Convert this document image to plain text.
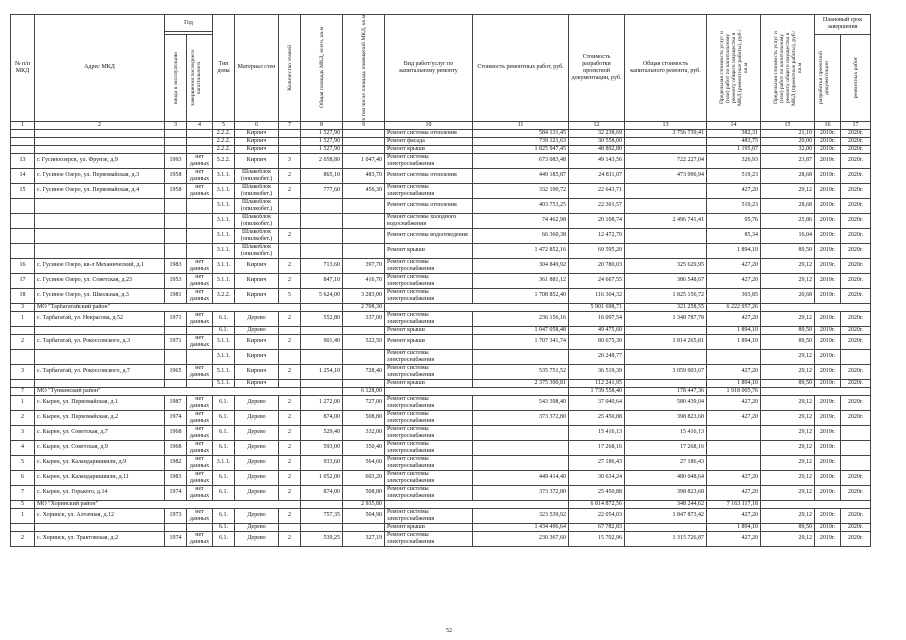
№ п/п МКД	Адрес МКД	Год		Тип дома	Материал стен	Количество этажей	Общая площадь МКД, всего, кв.м	в том числе площадь помещений МКД, кв.м	Вид работ/услуг по капитальному ремонту	Стоимость ремонтных работ, руб.	Стоимость разработки проектной документации, руб.	Общая стоимость капитального ремонта, руб.	Предельная стоимость услуг и (или) работ по капитальному ремонту общего имущества в МКД (ремонтные работы), руб./кв.м	Предельная стоимость услуг и (или) работ по капитальному ремонту общего имущества в МКД (проектные работы), руб./кв.м	Плановый срок завершения	

		ввода в эксплуатацию	завершения последнего капитального												разработки проектной документации	ремонтных работ

1	2	3	4	5	6	7	8	9	10	11	12	13	14	15	16	17
				2.2.2.	Кирпич		1 527,90		Ремонт системы отопления	584 131,45	32 238,69	3 756 739,41	382,31	21,10	2019г.	2020г.
				2.2.2.	Кирпич		1 527,90		Ремонт фасада	739 121,63	30 558,00		483,75	20,00	2019г.	2020г.
				2.2.2.	Кирпич		1 527,90		Ремонт крыши	1 825 947,45	48 892,80		1 195,07	32,00	2019г.	2020г.
13	г. Гусиноозерск, ул. Фрунзе, д.9	1993	нет данных	5.2.2.	Кирпич	3	2 058,80	1 047,40	Ремонт системы электроснабжения	673 083,48	49 143,56	722 227,04	326,93	23,87	2019г.	2020г.
14	с. Гусиное Озеро, ул. Первомайская, д.3	1958	нет данных	3.1.1.	Шлакоблок (опилкобет.)	2	865,10	483,70	Ремонт системы отопления	449 185,87	24 811,07	473 996,94	519,23	28,68	2019г.	2020г.
15	с. Гусиное Озеро, ул. Первомайская, д.4	1958	нет данных	3.1.1.	Шлакоблок (опилкобет.)	2	777,60	456,30	Ремонт системы электроснабжения	332 190,72	22 643,71		427,20	29,12	2019г.	2020г.
				3.1.1.	Шлакоблок (опилкобет.)				Ремонт системы отопления	403 753,25	22 301,57		519,23	28,68	2019г.	2020г.
				3.1.1.	Шлакоблок (опилкобет.)				Ремонт системы холодного водоснабжения	74 462,98	20 108,74	2 496 741,41	95,76	25,86	2019г.	2020г.
				3.1.1.	Шлакоблок (опилкобет.)	2			Ремонт системы водоотведения	66 360,38	12 472,70		85,34	16,04	2019г.	2020г.
				3.1.1.	Шлакоблок (опилкобет.)				Ремонт крыши	1 472 852,16	69 595,20		1 894,10	89,50	2019г.	2020г.
16	с. Гусиное Озеро, кв-л Механический, д.1	1983	нет данных	3.1.1.	Кирпич	2	713,60	397,70	Ремонт системы электроснабжения	304 849,92	20 780,03	325 629,95	427,20	29,12	2019г.	2020г.
17	с. Гусиное Озеро, ул. Советская, д.23	1953	нет данных	3.1.1.	Кирпич	2	847,10	416,70	Ремонт системы электроснабжения	361 881,12	24 667,55	386 548,67	427,20	29,12	2019г.	2020г.
18	с. Гусиное Озеро, ул. Школьная, д.3	1981	нет данных	3.2.2.	Кирпич	5	5 624,00	3 283,00	Ремонт системы электроснабжения	1 708 852,40	116 304,32	1 825 156,72	303,85	20,68	2019г.	2020г.
3	МО "Тарбагатайский район"							2 708,30			5 901 698,71	321 258,55	6 222 957,26			
1	с. Тарбагатай, ул. Некрасова, д.52	1971	нет данных	6.1.	Дерево	2	552,80	337,00	Ремонт системы электроснабжения	236 156,16	16 097,54	1 348 787,78	427,20	29,12	2019г.	2020г.
				6.1.	Дерево				Ремонт крыши	1 047 058,48	49 475,60		1 894,10	89,50	2019г.	2020г.
2	с. Тарбагатай, ул. Рокоссовского, д.3	1971	нет данных	3.1.1.	Кирпич	2	901,40	522,50	Ремонт крыши	1 707 341,74	80 675,30	1 814 265,81	1 894,10	89,50	2019г.	2020г.
				3.1.1.	Кирпич				Ремонт системы электроснабжения		26 248,77			29,12	2019г.	
3	с. Тарбагатай, ул. Рокоссовского, д.7	1965	нет данных	5.1.1.	Кирпич	2	1 254,10	728,40	Ремонт системы электроснабжения	535 751,52	36 519,39	3 059 903,67	427,20	29,12	2019г.	2020г.
				5.1.1.	Кирпич				Ремонт крыши	2 375 390,81	112 241,95		1 894,10	89,50	2019г.	2020г.
7	МО "Тункинский район"							6 128,00			1 739 558,40	178 447,36	1 918 005,76			
1	с. Кырен, ул. Первомайская, д.1	1987	нет данных	6.1.	Дерево	2	1 272,00	727,00	Ремонт системы электроснабжения	543 398,40	37 040,64	580 439,04	427,20	29,12	2019г.	2020г.
2	с. Кырен, ул. Первомайская, д.2	1974	нет данных	6.1.	Дерево	2	874,00	508,80	Ремонт системы электроснабжения	373 372,80	25 450,88	398 823,68	427,20	29,12	2019г.	2020г.
3	с. Кырен, ул. Советская, д.7	1968	нет данных	6.1.	Дерево	2	529,40	332,00	Ремонт системы электроснабжения		15 416,13	15 416,13		29,12	2019г.	
4	с. Кырен, ул. Советская, д.9	1968	нет данных	6.1.	Дерево	2	593,00	350,40	Ремонт системы электроснабжения		17 268,16	17 268,16		29,12	2019г.	
5	с. Кырен, ул. Каландаришвили, д.9	1982	нет данных	3.1.1.	Дерево	2	933,60	564,60	Ремонт системы электроснабжения		27 186,43	27 186,43		29,12	2019г.	
6	с. Кырен, ул. Каландаришвили, д.11	1983	нет данных	6.1.	Дерево	2	1 052,00	603,20	Ремонт системы электроснабжения	449 414,40	30 634,24	480 048,64	427,20	29,12	2019г.	2020г.
7	с. Кырен, ул. Горького, д.14	1974	нет данных	6.1.	Дерево	2	874,00	508,80	Ремонт системы электроснабжения	373 372,80	25 450,88	398 823,68	427,20	29,12	2019г.	2020г.
5	МО "Хоринский район"							2 935,80			6 814 872,56	348 244,62	7 163 117,18			
1	с. Хоринск, ул. Алтачная, д.12	1973	нет данных	6.1.	Дерево	2	757,35	504,90	Ремонт системы электроснабжения	323 539,92	22 054,03	1 847 873,42	427,20	29,12	2019г.	2020г.
				6.1.	Дерево				Ремонт крыши	1 434 496,64	67 782,83		1 894,10	89,50	2019г.	2020г.
2	с. Хоринск, ул. Трактовская, д.2	1974	нет данных	6.1.	Дерево	2	539,25	327,19	Ремонт системы электроснабжения	230 367,60	15 702,96	1 315 726,87	427,20	29,12	2019г.	2020г.
52
